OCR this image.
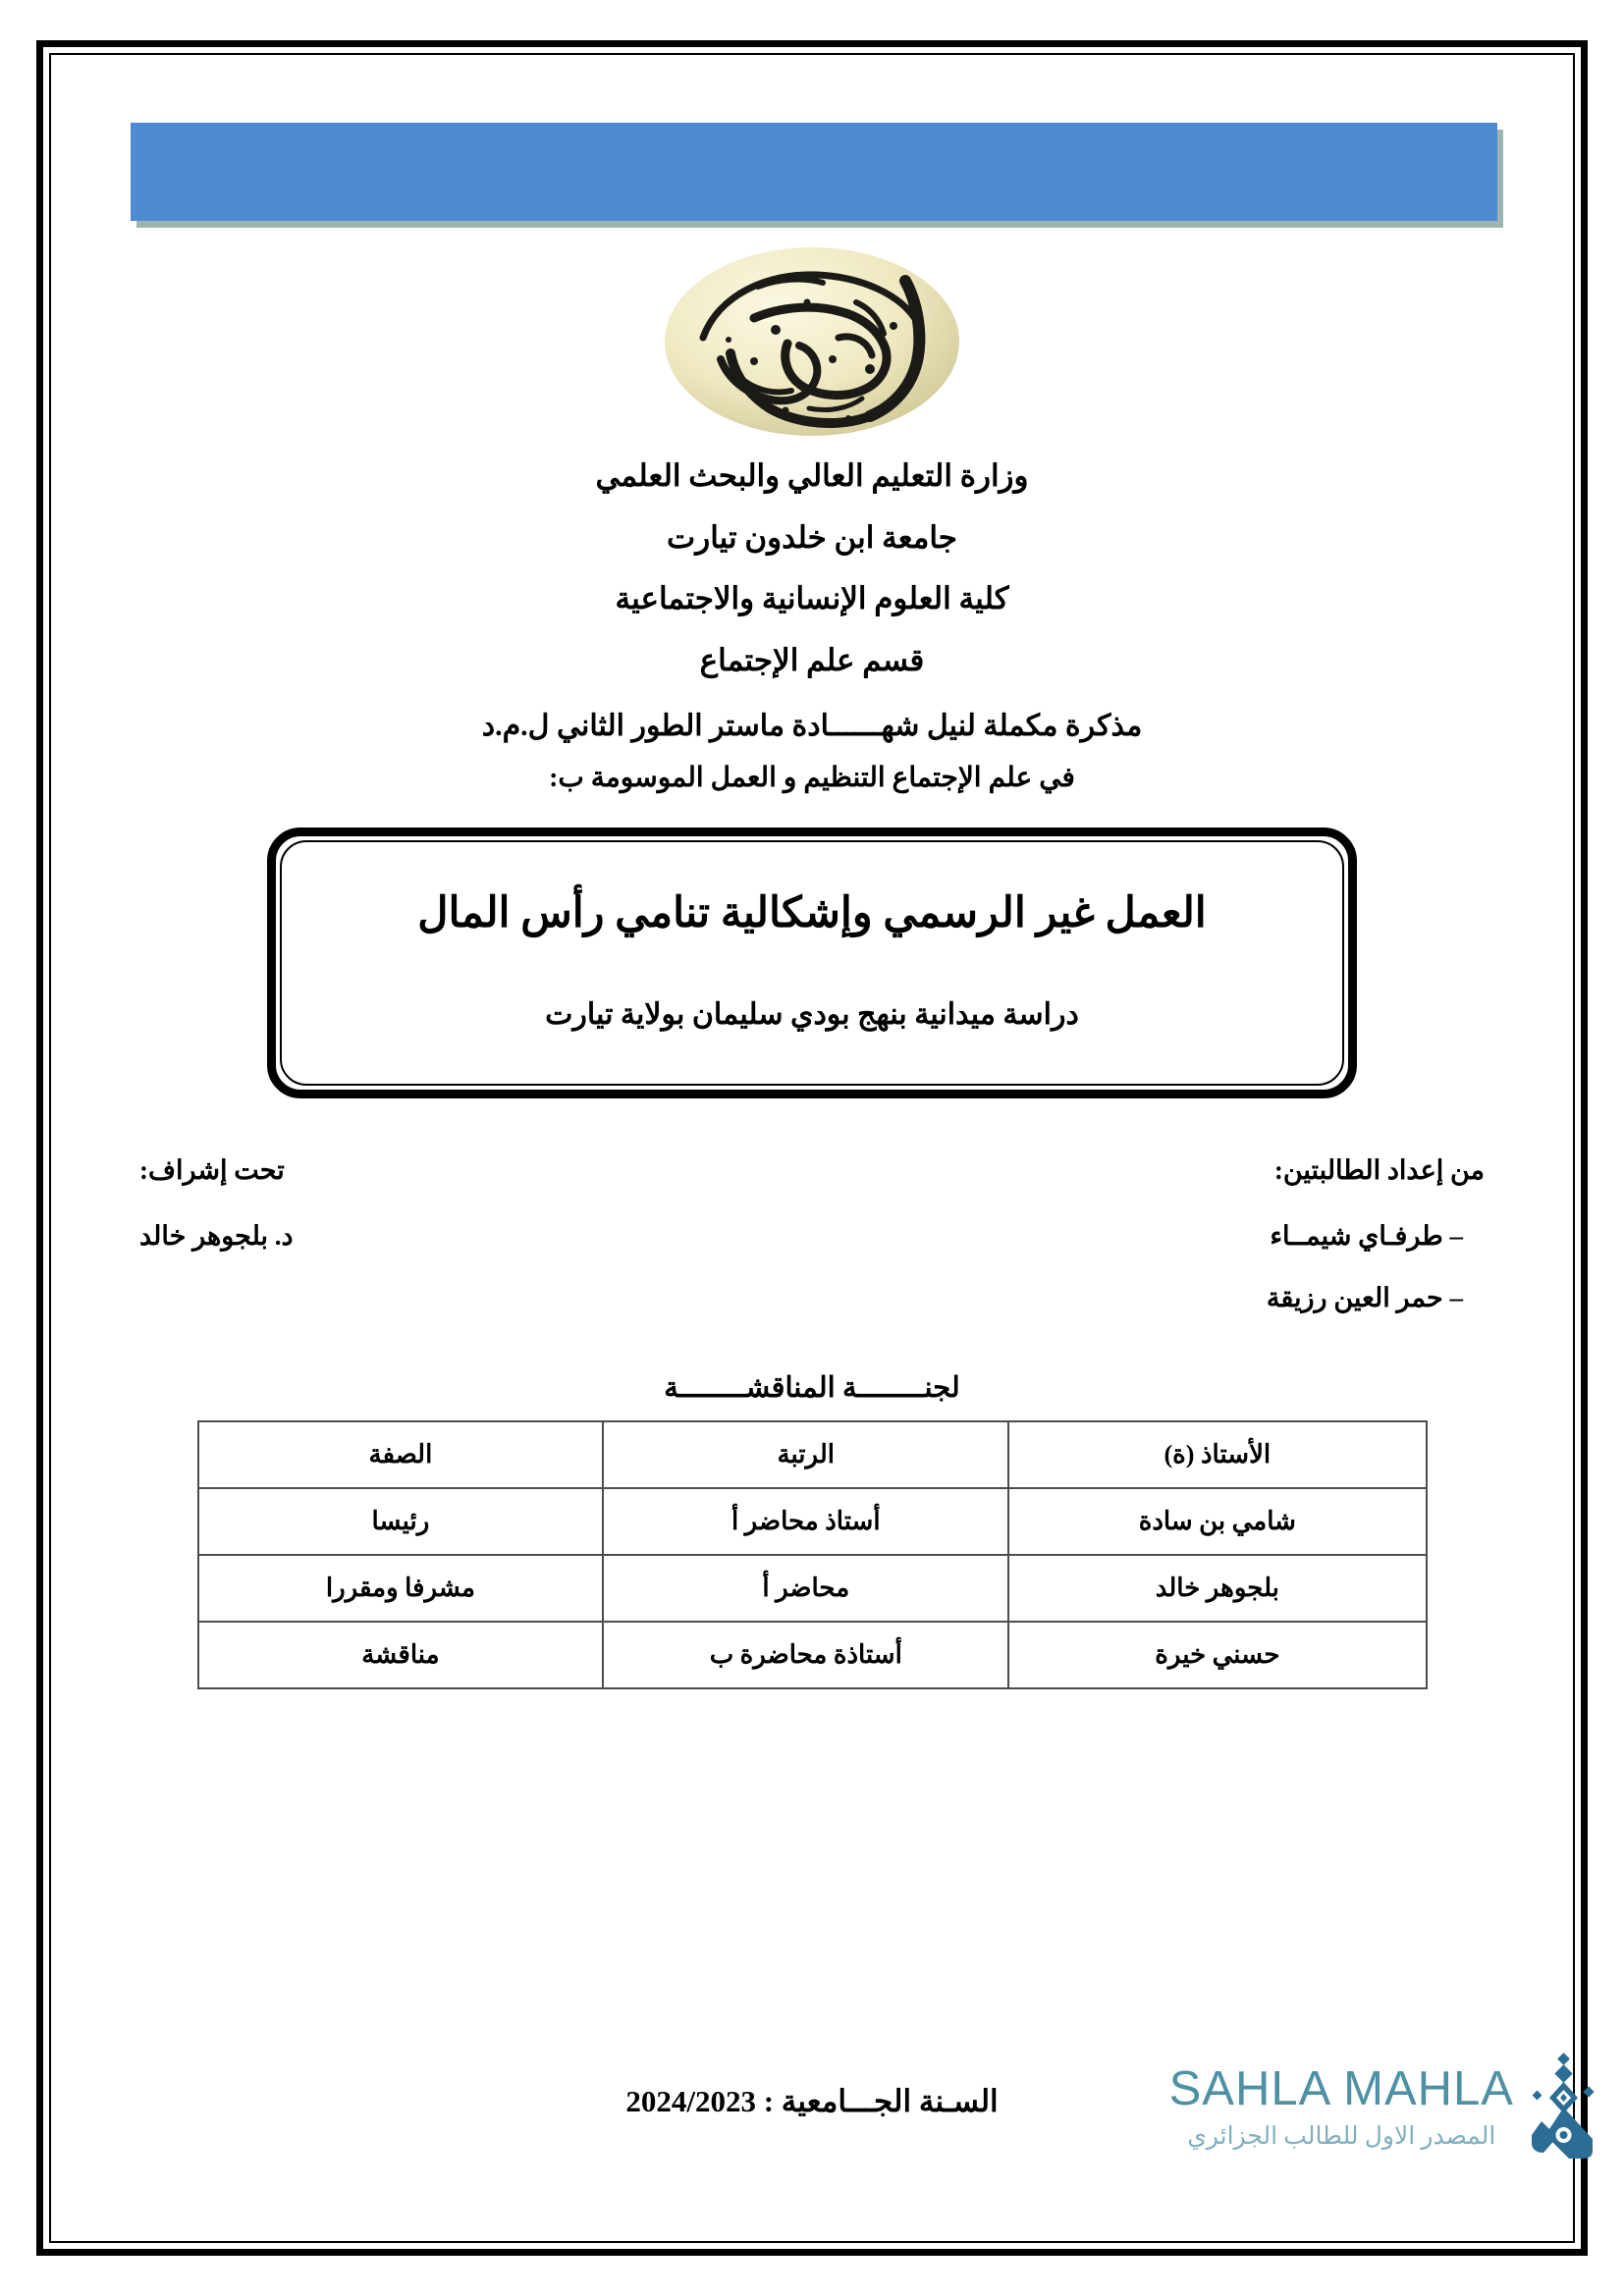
وزارة التعليم العالي والبحث العلمي

جامعة ابن خلدون تيارت

كلية العلوم الإنسانية والاجتماعية

قسم علم الإجتماع

مذكرة مكملة لنيل شهــــــادة ماستر الطور الثاني ل.م.د

في علم الإجتماع التنظيم و العمل الموسومة ب:

العمل غير الرسمي وإشكالية تنامي رأس المال

دراسة ميدانية بنهج بودي سليمان بولاية تيارت

من إعداد الطالبتين:

– طرفـاي شيمــاء

– حمر العين رزيقة

تحت إشراف:

د. بلجوهر خالد

لجنــــــــة المناقشــــــــة

الأستاذ (ة)	الرتبة	الصفة
شامي بن سادة	أستاذ محاضر أ	رئيسا
بلجوهر خالد	محاضر أ	مشرفا ومقررا
حسني خيرة	أستاذة محاضرة ب	مناقشة
السـنة الجـــامعية : 2024/2023	SAHLA MAHLA
المصدر الاول للطالب الجزائري
